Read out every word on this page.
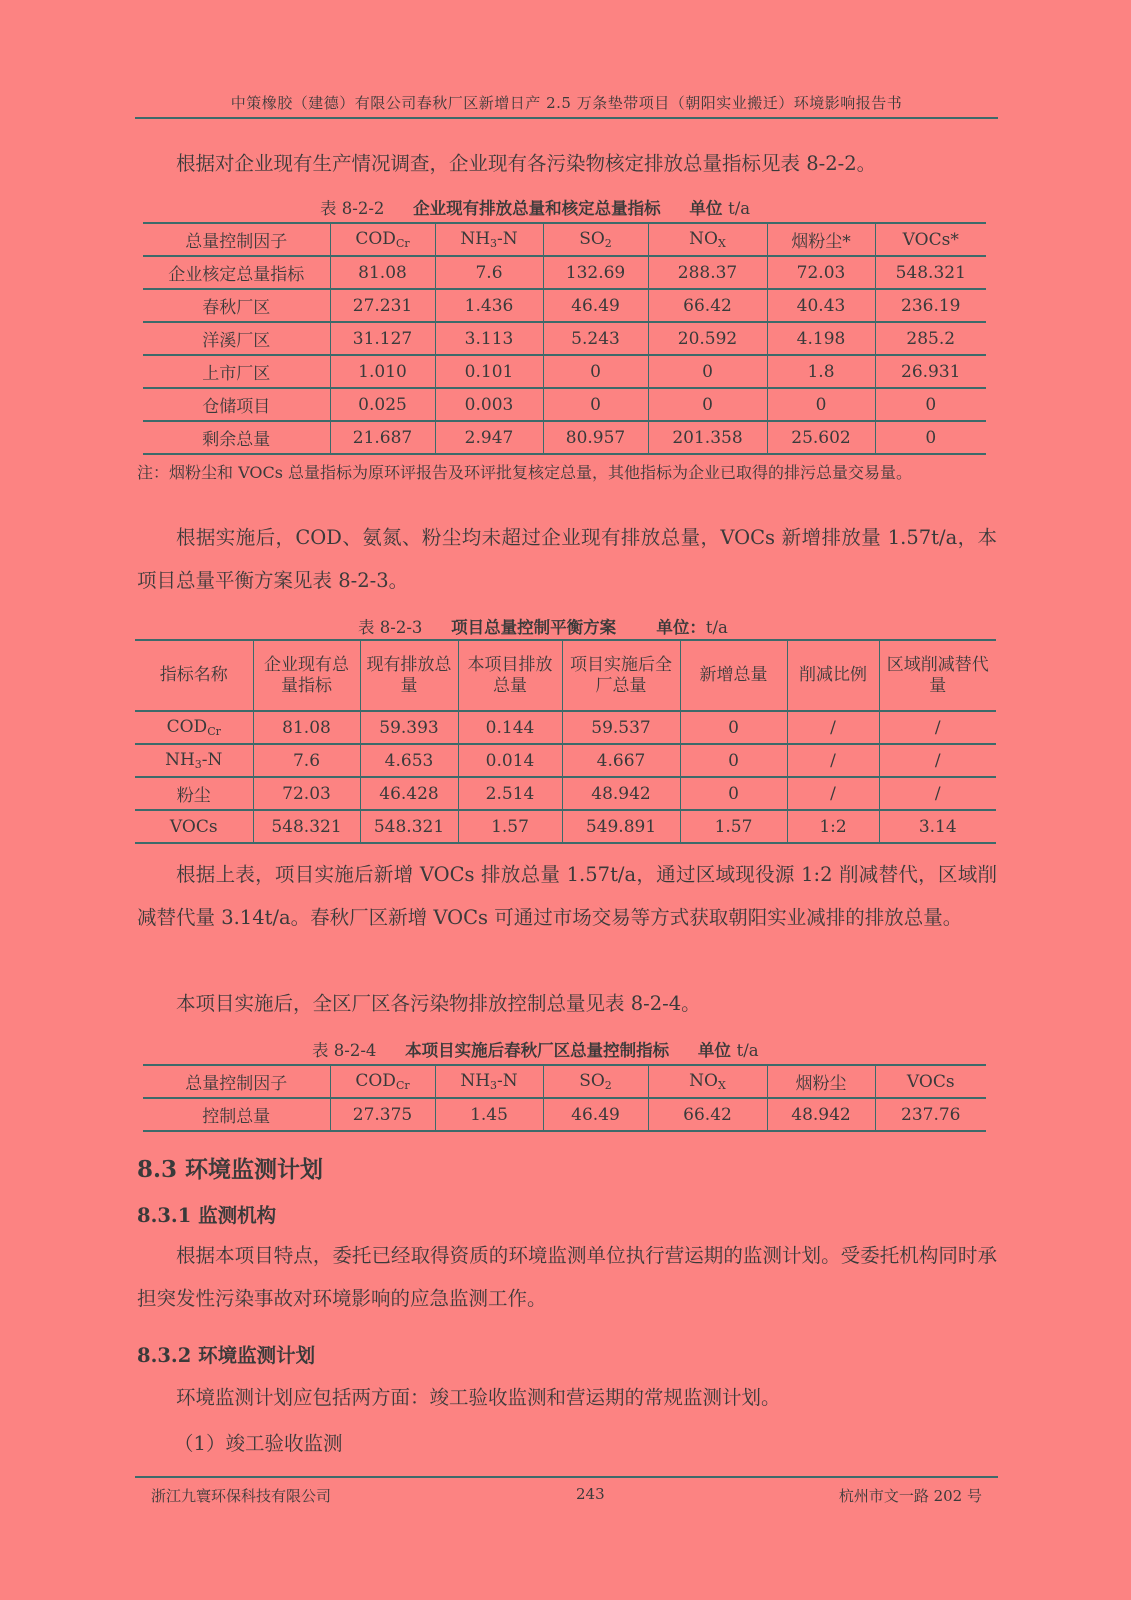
中策橡胶（建德）有限公司春秋厂区新增日产 2.5 万条垫带项目（朝阳实业搬迁）环境影响报告书

根据对企业现有生产情况调查，企业现有各污染物核定排放总量指标见表 8-2-2。

表 8-2-2 企业现有排放总量和核定总量指标 单位 t/a
总量控制因子	$COD_{Cr}$	$NH_3-N$	$SO_2$	$NO_X$	烟粉尘*	VOCs*
企业核定总量指标	81.08	7.6	132.69	288.37	72.03	548.321
春秋厂区	27.231	1.436	46.49	66.42	40.43	236.19
洋溪厂区	31.127	3.113	5.243	20.592	4.198	285.2
上市厂区	1.010	0.101	0	0	1.8	26.931
仓储项目	0.025	0.003	0	0	0	0
剩余总量	21.687	2.947	80.957	201.358	25.602	0
注：烟粉尘和 VOCs 总量指标为原环评报告及环评批复核定总量，其他指标为企业已取得的排污总量交易量。

根据实施后，COD、氨氮、粉尘均未超过企业现有排放总量，VOCs 新增排放量 1.57t/a，本项目总量平衡方案见表 8-2-3。

表 8-2-3 项目总量控制平衡方案 单位：t/a
指标名称	企业现有总量指标	现有排放总量	本项目排放总量	项目实施后全厂总量	新增总量	削减比例	区域削减替代量
$COD_{Cr}$	81.08	59.393	0.144	59.537	0	/	/
$NH_3-N$	7.6	4.653	0.014	4.667	0	/	/
粉尘	72.03	46.428	2.514	48.942	0	/	/
VOCs	548.321	548.321	1.57	549.891	1.57	1:2	3.14

根据上表，项目实施后新增 VOCs 排放总量 1.57t/a，通过区域现役源 1:2 削减替代，区域削减替代量 3.14t/a。春秋厂区新增 VOCs 可通过市场交易等方式获取朝阳实业减排的排放总量。

本项目实施后，全区厂区各污染物排放控制总量见表 8-2-4。

表 8-2-4 本项目实施后春秋厂区总量控制指标 单位 t/a
总量控制因子	$COD_{Cr}$	$NH_3-N$	$SO_2$	$NO_X$	烟粉尘	VOCs
控制总量	27.375	1.45	46.49	66.42	48.942	237.76
8.3 环境监测计划
8.3.1 监测机构

根据本项目特点，委托已经取得资质的环境监测单位执行营运期的监测计划。受委托机构同时承担突发性污染事故对环境影响的应急监测工作。

8.3.2 环境监测计划

环境监测计划应包括两方面：竣工验收监测和营运期的常规监测计划。

（1）竣工验收监测

浙江九寰环保科技有限公司	243	杭州市文一路 202 号
